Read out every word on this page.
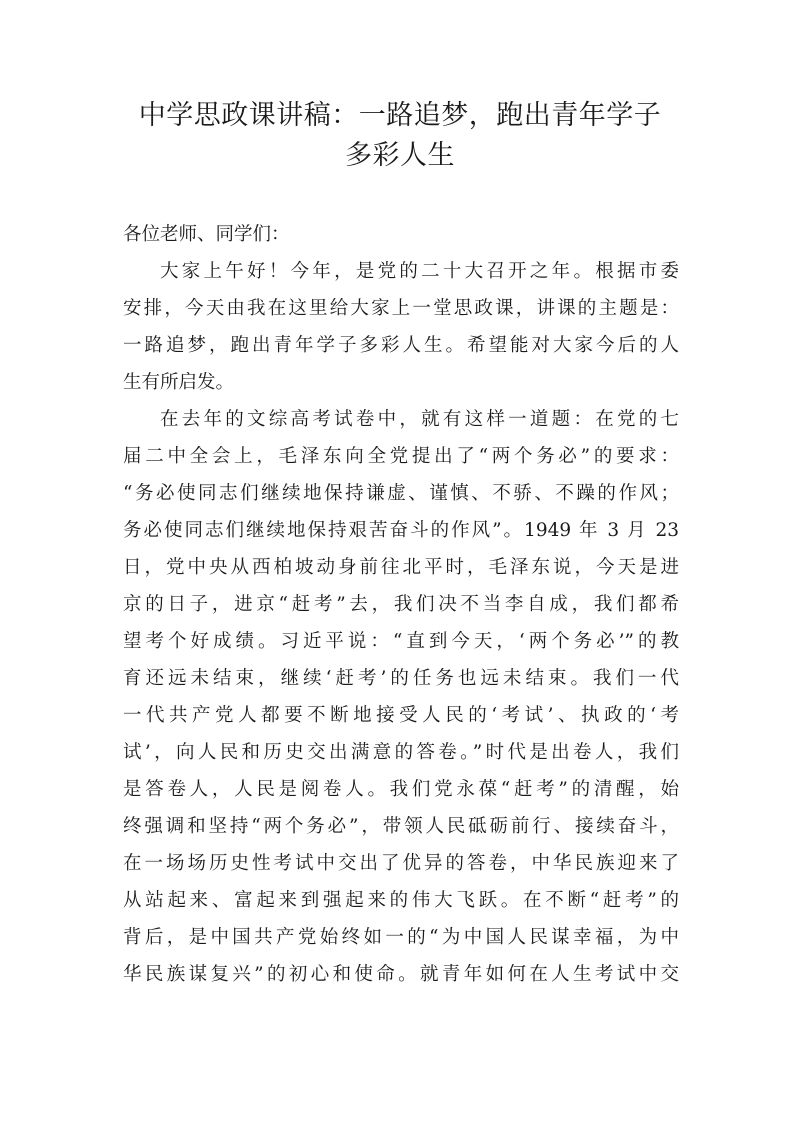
中学思政课讲稿：一路追梦，跑出青年学子
多彩人生
各位老师、同学们：
大家上午好！今年，是党的二十大召开之年。根据市委
安排，今天由我在这里给大家上一堂思政课，讲课的主题是：
一路追梦，跑出青年学子多彩人生。希望能对大家今后的人
生有所启发。
在去年的文综高考试卷中，就有这样一道题：在党的七
届二中全会上，毛泽东向全党提出了“两个务必”的要求：
“务必使同志们继续地保持谦虚、谨慎、不骄、不躁的作风；
务必使同志们继续地保持艰苦奋斗的作风”。1949 年 3 月 23
日，党中央从西柏坡动身前往北平时，毛泽东说，今天是进
京的日子，进京“赶考”去，我们决不当李自成，我们都希
望考个好成绩。习近平说：“直到今天，‘两个务必’”的教
育还远未结束，继续‘赶考’的任务也远未结束。我们一代
一代共产党人都要不断地接受人民的‘考试’、执政的‘考
试’，向人民和历史交出满意的答卷。”时代是出卷人，我们
是答卷人，人民是阅卷人。我们党永葆“赶考”的清醒，始
终强调和坚持“两个务必”，带领人民砥砺前行、接续奋斗，
在一场场历史性考试中交出了优异的答卷，中华民族迎来了
从站起来、富起来到强起来的伟大飞跃。在不断“赶考”的
背后，是中国共产党始终如一的“为中国人民谋幸福，为中
华民族谋复兴”的初心和使命。就青年如何在人生考试中交
